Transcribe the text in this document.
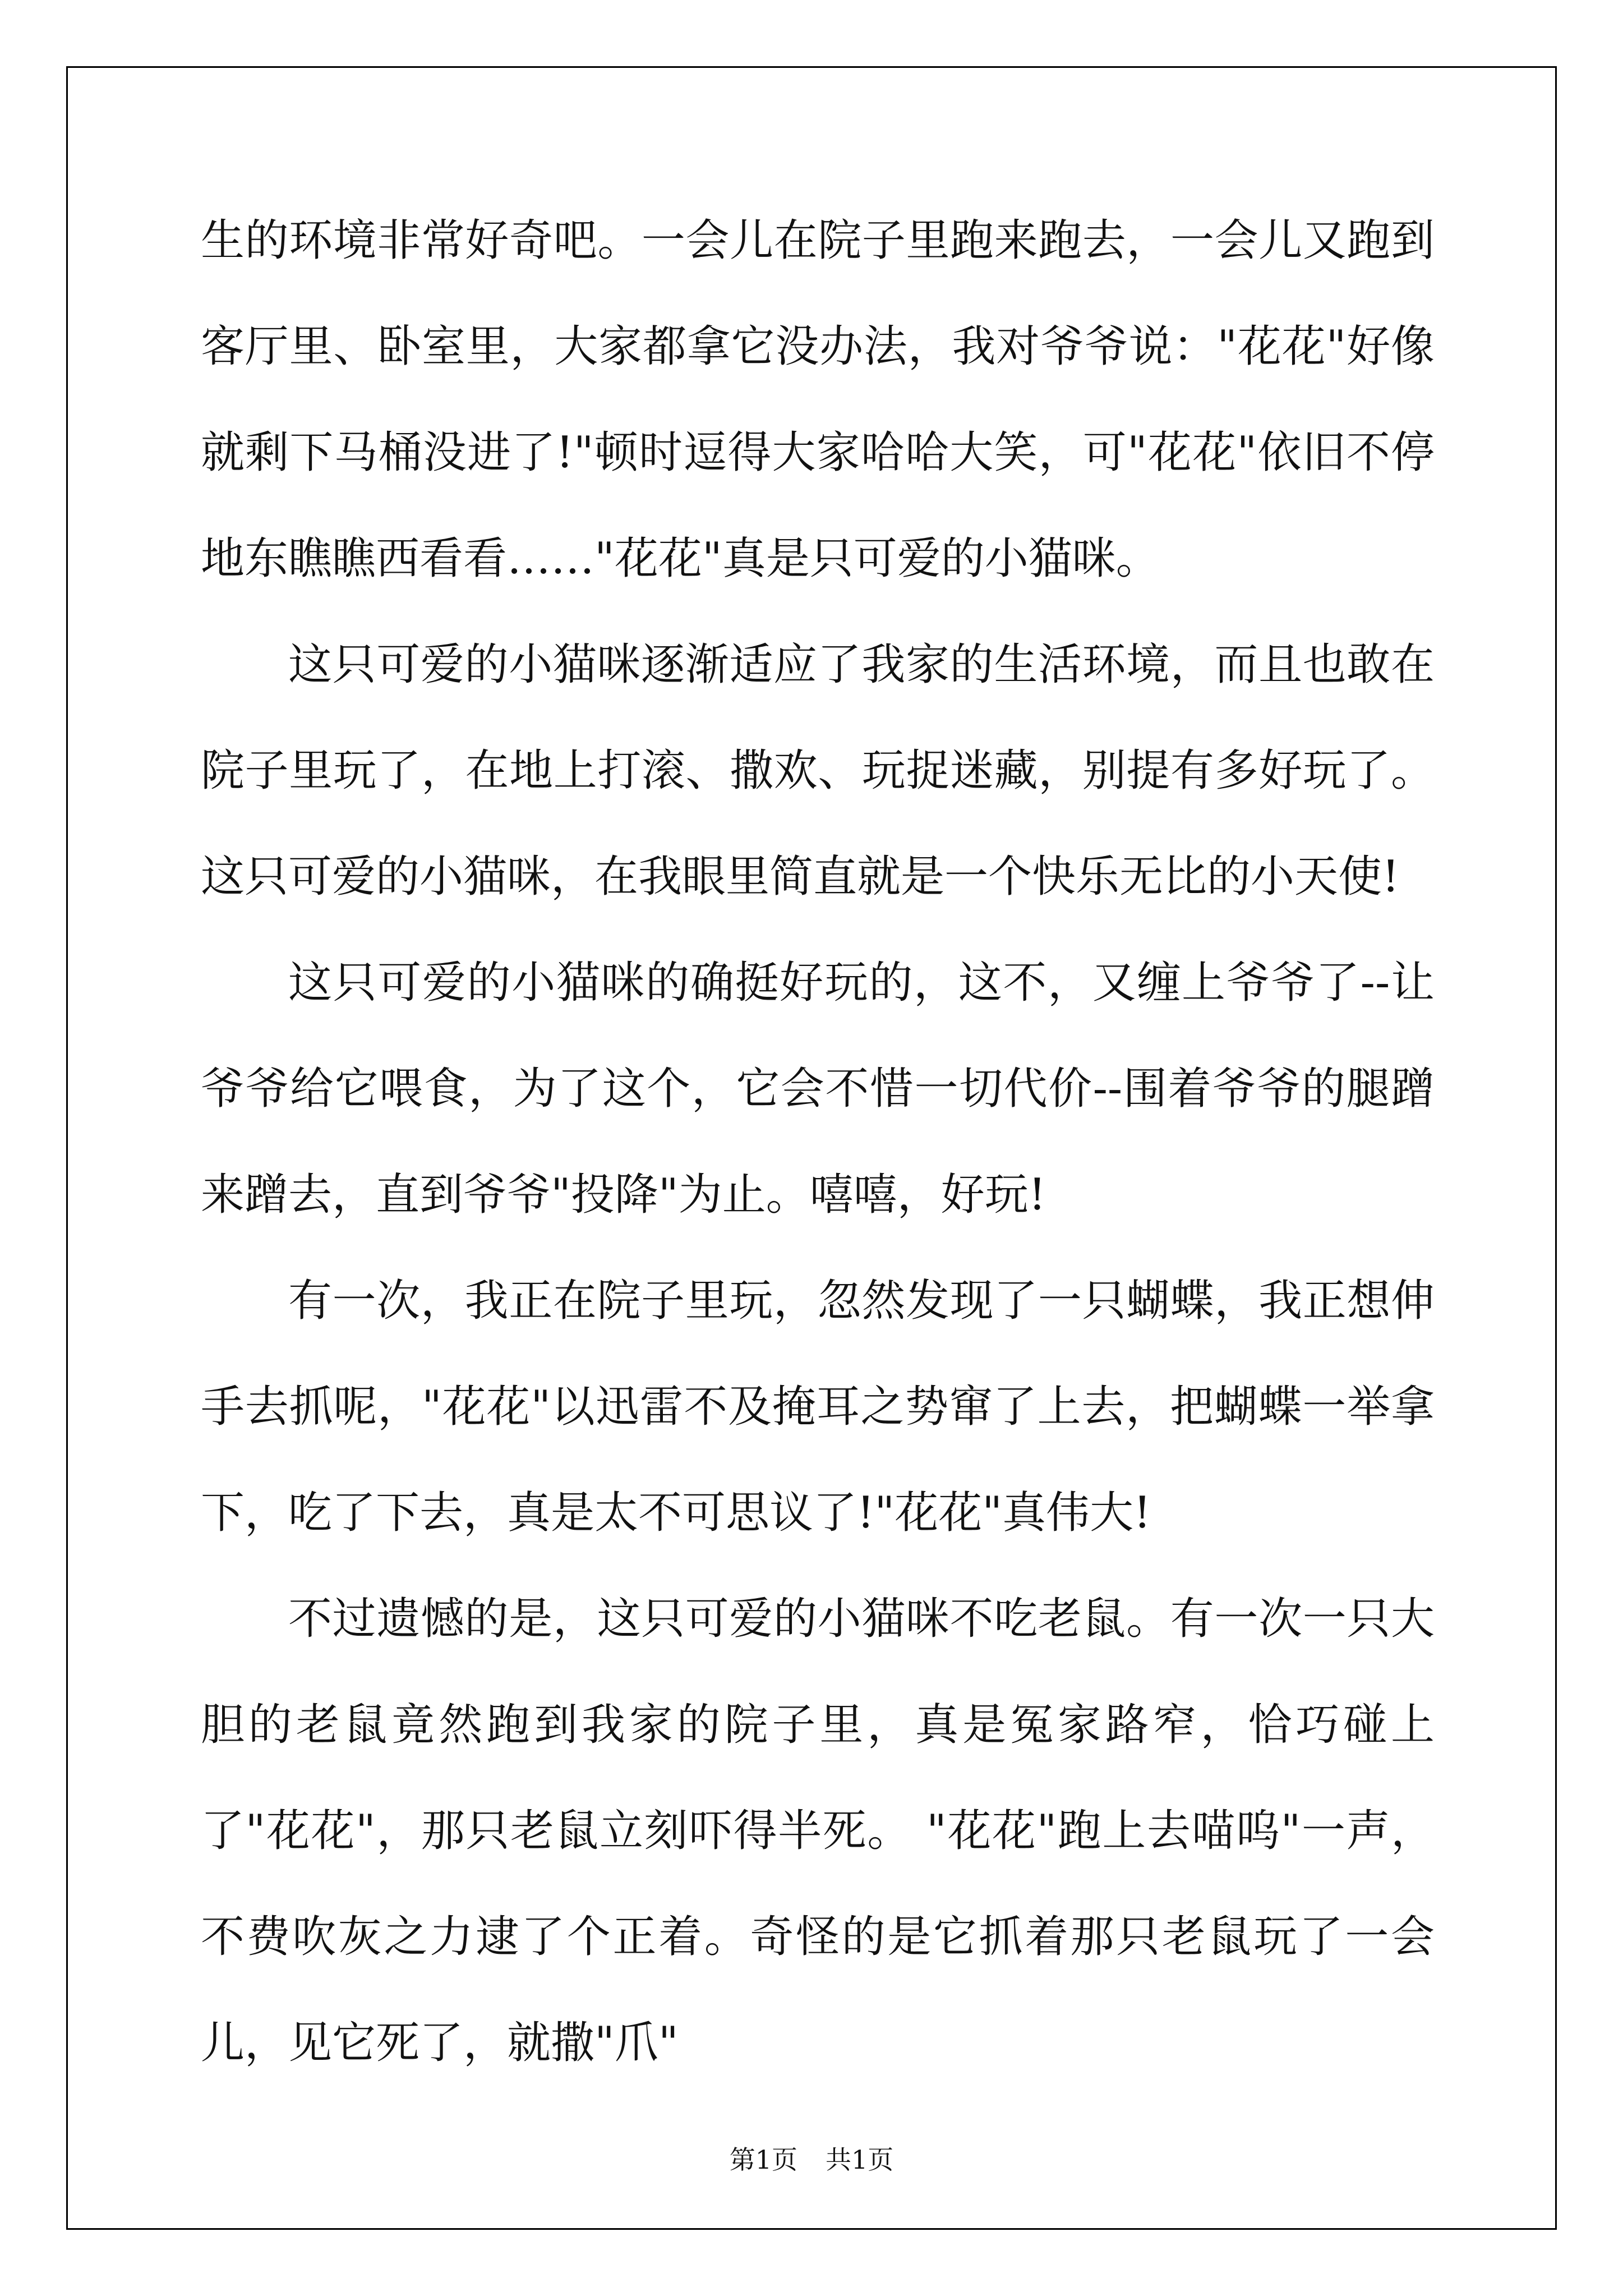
生的环境非常好奇吧。一会儿在院子里跑来跑去，一会儿又跑到客厅里、卧室里，大家都拿它没办法，我对爷爷说："花花"好像就剩下马桶没进了!"顿时逗得大家哈哈大笑，可"花花"依旧不停地东瞧瞧西看看……"花花"真是只可爱的小猫咪。

这只可爱的小猫咪逐渐适应了我家的生活环境，而且也敢在院子里玩了，在地上打滚、撒欢、玩捉迷藏，别提有多好玩了。这只可爱的小猫咪，在我眼里简直就是一个快乐无比的小天使!

这只可爱的小猫咪的确挺好玩的，这不，又缠上爷爷了--让爷爷给它喂食，为了这个，它会不惜一切代价--围着爷爷的腿蹭来蹭去，直到爷爷"投降"为止。嘻嘻，好玩!

有一次，我正在院子里玩，忽然发现了一只蝴蝶，我正想伸手去抓呢，"花花"以迅雷不及掩耳之势窜了上去，把蝴蝶一举拿下，吃了下去，真是太不可思议了!"花花"真伟大!

不过遗憾的是，这只可爱的小猫咪不吃老鼠。有一次一只大胆的老鼠竟然跑到我家的院子里，真是冤家路窄，恰巧碰上了"花花"，那只老鼠立刻吓得半死。 "花花"跑上去喵呜"一声，不费吹灰之力逮了个正着。奇怪的是它抓着那只老鼠玩了一会儿，见它死了，就撒"爪"

第1页 共1页
